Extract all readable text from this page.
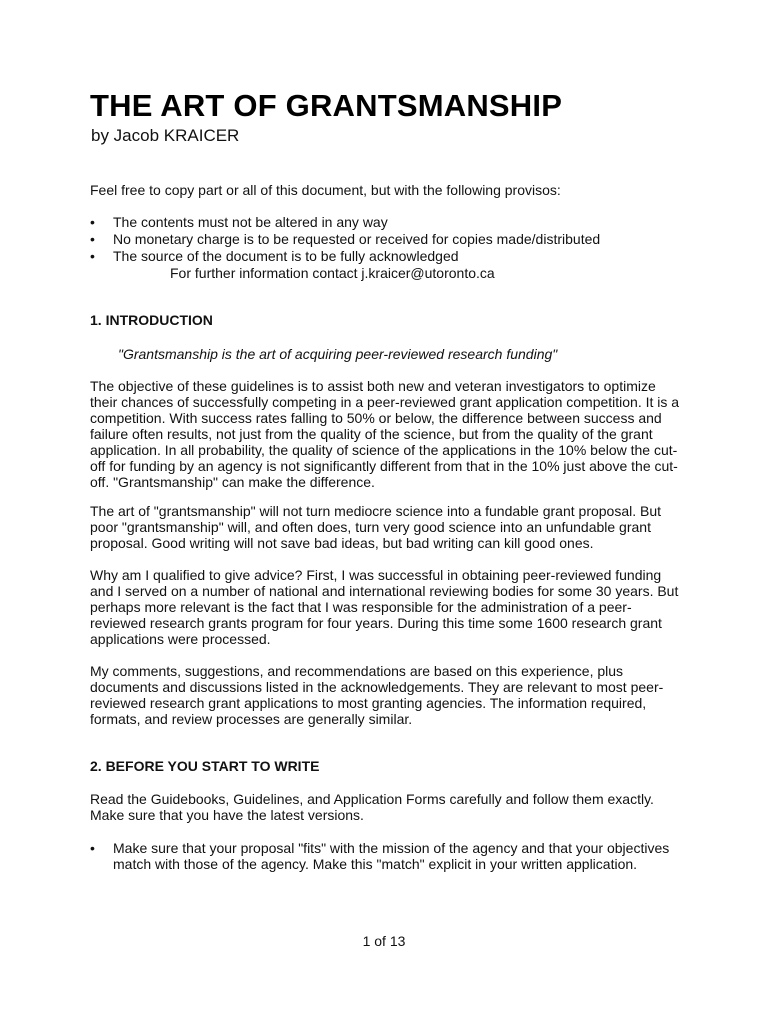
THE ART OF GRANTSMANSHIP
by Jacob KRAICER

Feel free to copy part or all of this document, but with the following provisos:

• The contents must not be altered in any way
• No monetary charge is to be requested or received for copies made/distributed
• The source of the document is to be fully acknowledged
For further information contact j.kraicer@utoronto.ca
1. INTRODUCTION
"Grantsmanship is the art of acquiring peer-reviewed research funding"

The objective of these guidelines is to assist both new and veteran investigators to optimize their chances of successfully competing in a peer-reviewed grant application competition. It is a competition. With success rates falling to 50% or below, the difference between success and failure often results, not just from the quality of the science, but from the quality of the grant application. In all probability, the quality of science of the applications in the 10% below the cut-off for funding by an agency is not significantly different from that in the 10% just above the cut-off. "Grantsmanship" can make the difference.

The art of "grantsmanship" will not turn mediocre science into a fundable grant proposal. But poor "grantsmanship" will, and often does, turn very good science into an unfundable grant proposal. Good writing will not save bad ideas, but bad writing can kill good ones.

Why am I qualified to give advice? First, I was successful in obtaining peer-reviewed funding and I served on a number of national and international reviewing bodies for some 30 years. But perhaps more relevant is the fact that I was responsible for the administration of a peer-reviewed research grants program for four years. During this time some 1600 research grant applications were processed.

My comments, suggestions, and recommendations are based on this experience, plus documents and discussions listed in the acknowledgements. They are relevant to most peer-reviewed research grant applications to most granting agencies. The information required, formats, and review processes are generally similar.

2. BEFORE YOU START TO WRITE

Read the Guidebooks, Guidelines, and Application Forms carefully and follow them exactly. Make sure that you have the latest versions.

• Make sure that your proposal "fits" with the mission of the agency and that your objectives match with those of the agency. Make this "match" explicit in your written application.
1 of 13
